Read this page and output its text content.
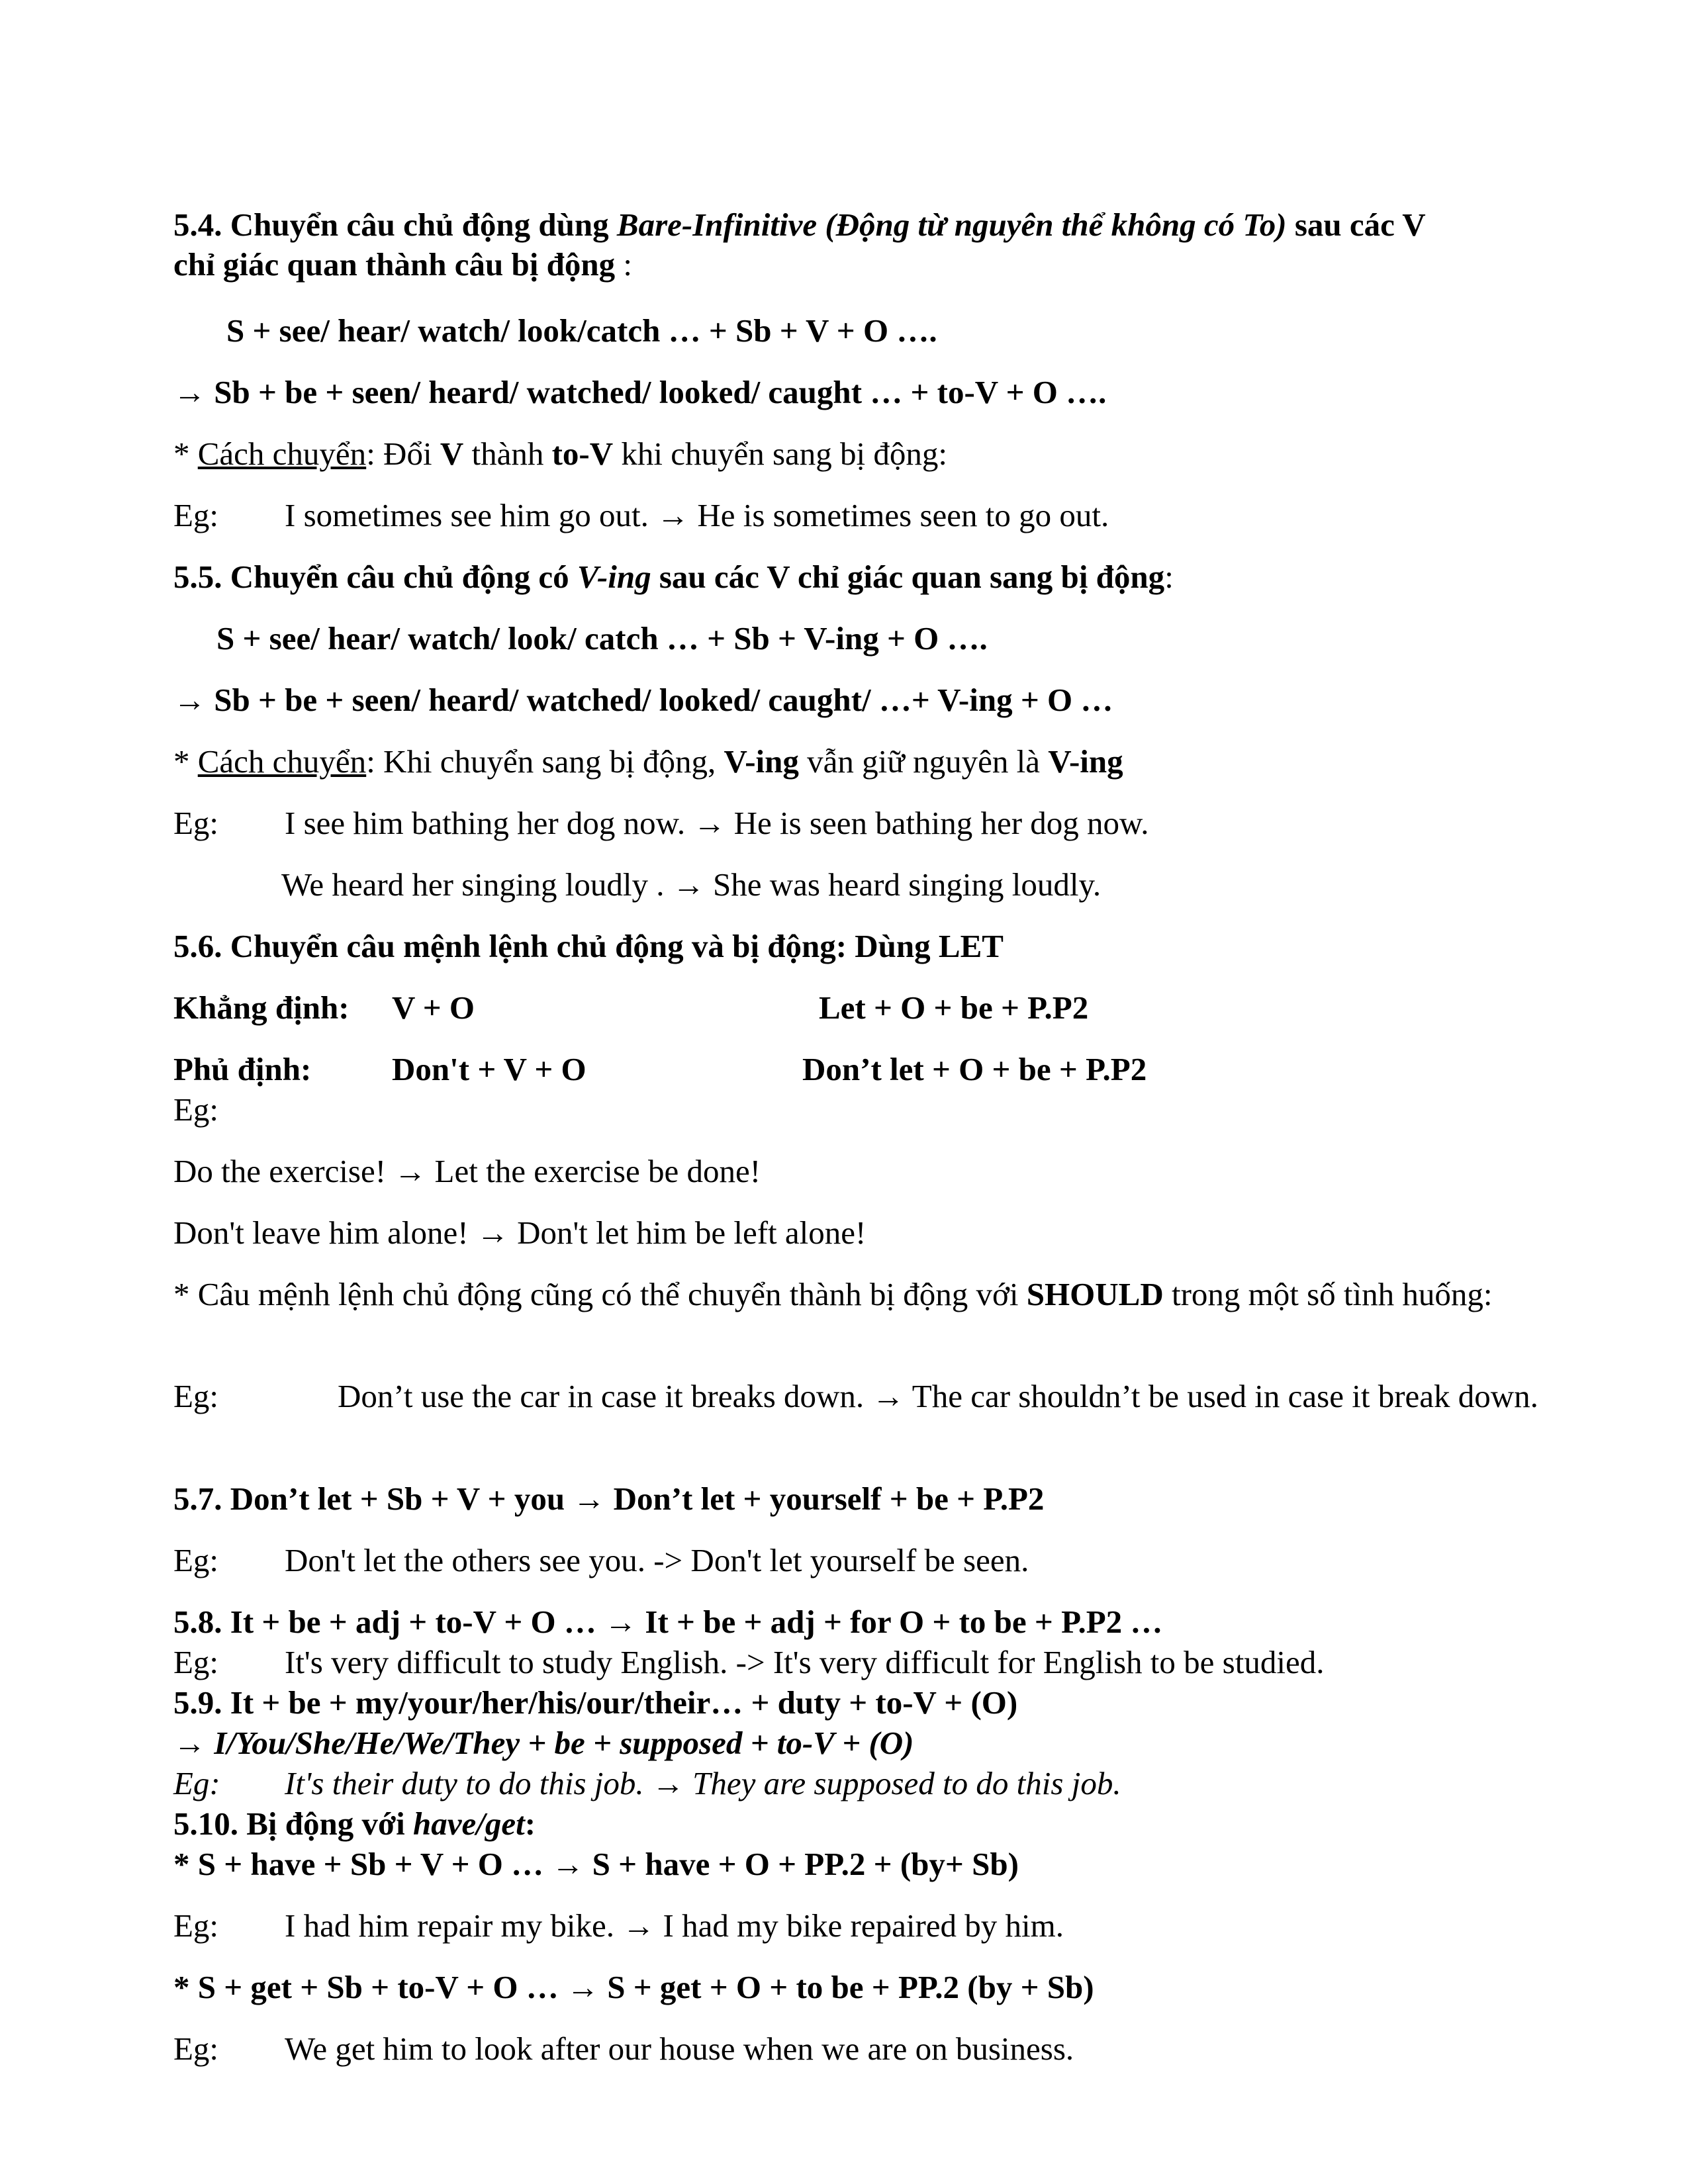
5.4. Chuyển câu chủ động dùng Bare-Infinitive (Động từ nguyên thể không có To) sau các V
chỉ giác quan thành câu bị động :
S + see/ hear/ watch/ look/catch … + Sb + V + O ….
→ Sb + be + seen/ heard/ watched/ looked/ caught … + to-V + O ….
* Cách chuyển: Đổi V thành to-V khi chuyển sang bị động:
Eg: I sometimes see him go out. → He is sometimes seen to go out.
5.5. Chuyển câu chủ động có V-ing sau các V chỉ giác quan sang bị động:
S + see/ hear/ watch/ look/ catch … + Sb + V-ing + O ….
→ Sb + be + seen/ heard/ watched/ looked/ caught/ …+ V-ing + O …
* Cách chuyển: Khi chuyển sang bị động, V-ing vẫn giữ nguyên là V-ing
Eg: I see him bathing her dog now. → He is seen bathing her dog now.
We heard her singing loudly . → She was heard singing loudly.
5.6. Chuyển câu mệnh lệnh chủ động và bị động: Dùng LET
Khẳng định: V + O	Let + O + be + P.P2
Phủ định: Don't + V + O	Don’t let + O + be + P.P2
Eg:
Do the exercise! → Let the exercise be done!
Don't leave him alone! → Don't let him be left alone!
* Câu mệnh lệnh chủ động cũng có thể chuyển thành bị động với SHOULD trong một số tình huống:
Eg:	Don’t use the car in case it breaks down. → The car shouldn’t be used in case it break down.
5.7. Don’t let + Sb + V + you → Don’t let + yourself + be + P.P2
Eg: Don't let the others see you. -> Don't let yourself be seen.
5.8. It + be + adj + to-V + O … → It + be + adj + for O + to be + P.P2 …
Eg: It's very difficult to study English. -> It's very difficult for English to be studied.
5.9. It + be + my/your/her/his/our/their… + duty + to-V + (O)
→ I/You/She/He/We/They + be + supposed + to-V + (O)
Eg: It's their duty to do this job. → They are supposed to do this job.
5.10. Bị động với have/get:
* S + have + Sb + V + O … → S + have + O + PP.2 + (by+ Sb)
Eg: I had him repair my bike. → I had my bike repaired by him.
* S + get + Sb + to-V + O … → S + get + O + to be + PP.2 (by + Sb)
Eg: We get him to look after our house when we are on business.
